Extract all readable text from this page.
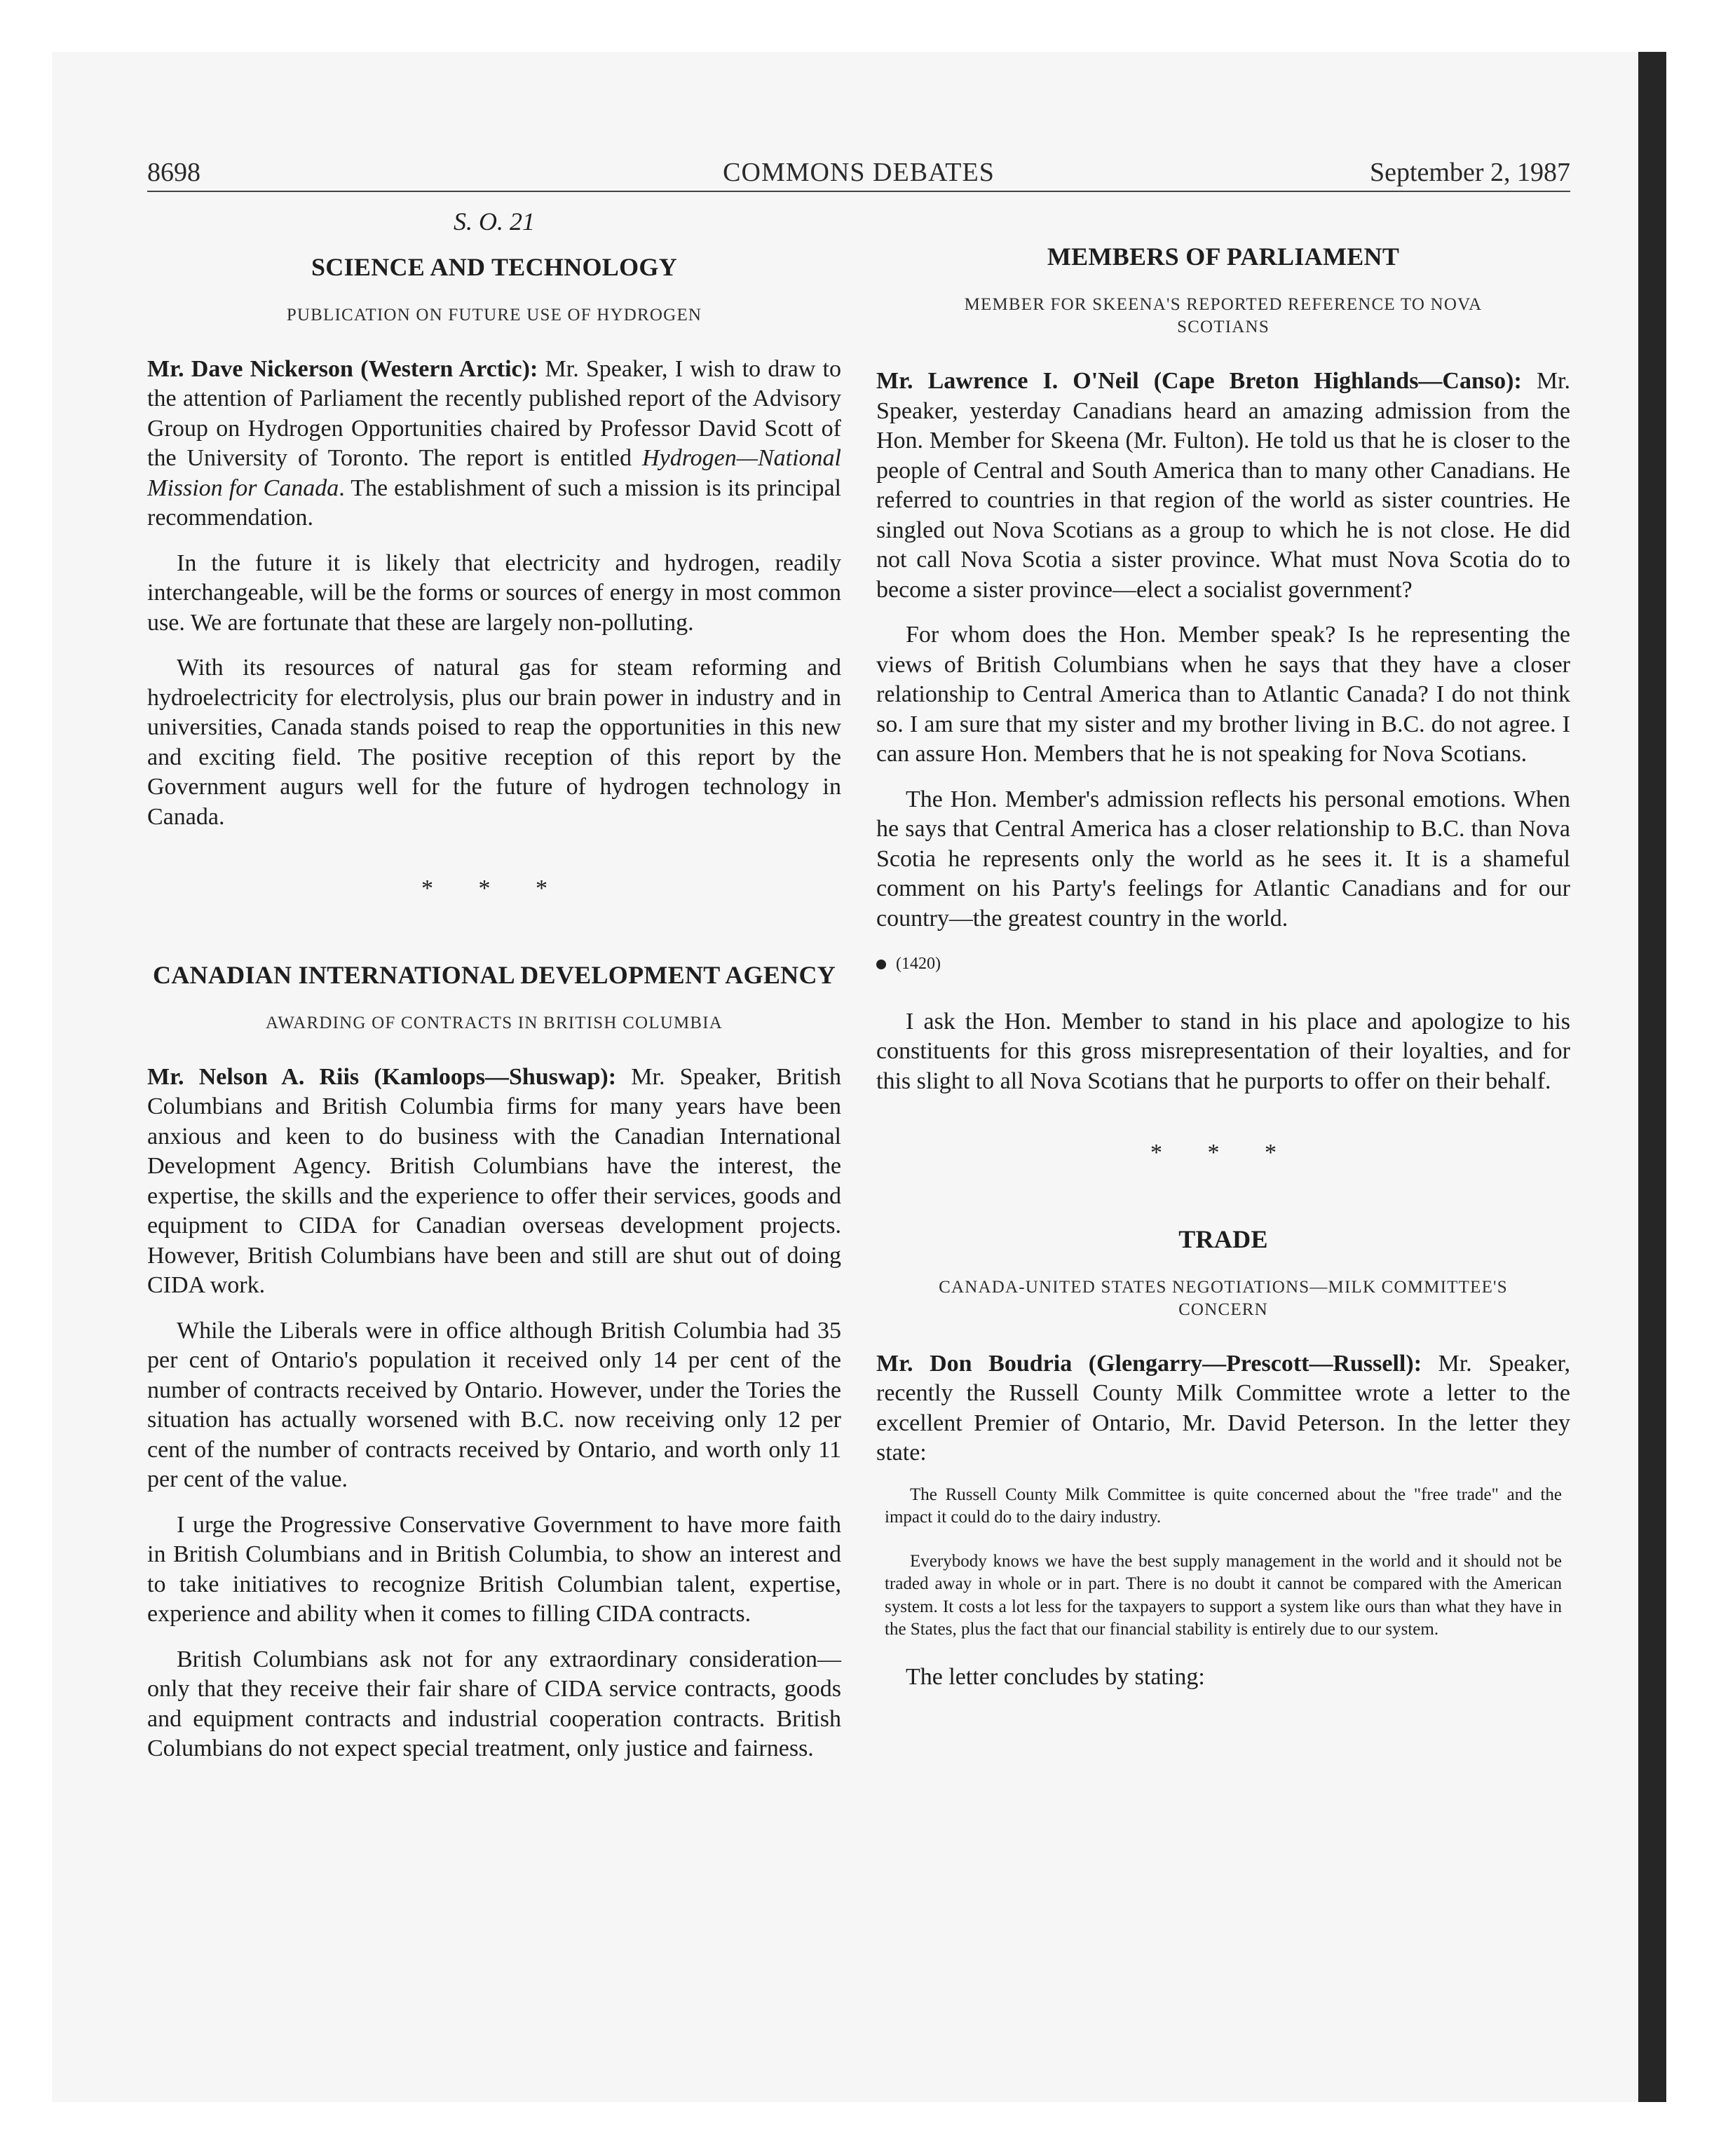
8698	COMMONS DEBATES	September 2, 1987
S. O. 21
SCIENCE AND TECHNOLOGY
PUBLICATION ON FUTURE USE OF HYDROGEN

Mr. Dave Nickerson (Western Arctic): Mr. Speaker, I wish to draw to the attention of Parliament the recently published report of the Advisory Group on Hydrogen Opportunities chaired by Professor David Scott of the University of Toronto. The report is entitled Hydrogen—National Mission for Canada. The establishment of such a mission is its principal recommendation.

In the future it is likely that electricity and hydrogen, readily interchangeable, will be the forms or sources of energy in most common use. We are fortunate that these are largely non-polluting.

With its resources of natural gas for steam reforming and hydroelectricity for electrolysis, plus our brain power in industry and in universities, Canada stands poised to reap the opportunities in this new and exciting field. The positive reception of this report by the Government augurs well for the future of hydrogen technology in Canada.

* * *
CANADIAN INTERNATIONAL DEVELOPMENT AGENCY
AWARDING OF CONTRACTS IN BRITISH COLUMBIA

Mr. Nelson A. Riis (Kamloops—Shuswap): Mr. Speaker, British Columbians and British Columbia firms for many years have been anxious and keen to do business with the Canadian International Development Agency. British Columbians have the interest, the expertise, the skills and the experience to offer their services, goods and equipment to CIDA for Canadian overseas development projects. However, British Columbians have been and still are shut out of doing CIDA work.

While the Liberals were in office although British Columbia had 35 per cent of Ontario's population it received only 14 per cent of the number of contracts received by Ontario. However, under the Tories the situation has actually worsened with B.C. now receiving only 12 per cent of the number of contracts received by Ontario, and worth only 11 per cent of the value.

I urge the Progressive Conservative Government to have more faith in British Columbians and in British Columbia, to show an interest and to take initiatives to recognize British Columbian talent, expertise, experience and ability when it comes to filling CIDA contracts.

British Columbians ask not for any extraordinary consideration—only that they receive their fair share of CIDA service contracts, goods and equipment contracts and industrial cooperation contracts. British Columbians do not expect special treatment, only justice and fairness.

MEMBERS OF PARLIAMENT
MEMBER FOR SKEENA'S REPORTED REFERENCE TO NOVA SCOTIANS

Mr. Lawrence I. O'Neil (Cape Breton Highlands—Canso): Mr. Speaker, yesterday Canadians heard an amazing admission from the Hon. Member for Skeena (Mr. Fulton). He told us that he is closer to the people of Central and South America than to many other Canadians. He referred to countries in that region of the world as sister countries. He singled out Nova Scotians as a group to which he is not close. He did not call Nova Scotia a sister province. What must Nova Scotia do to become a sister province—elect a socialist government?

For whom does the Hon. Member speak? Is he representing the views of British Columbians when he says that they have a closer relationship to Central America than to Atlantic Canada? I do not think so. I am sure that my sister and my brother living in B.C. do not agree. I can assure Hon. Members that he is not speaking for Nova Scotians.

The Hon. Member's admission reflects his personal emotions. When he says that Central America has a closer relationship to B.C. than Nova Scotia he represents only the world as he sees it. It is a shameful comment on his Party's feelings for Atlantic Canadians and for our country—the greatest country in the world.

(1420)

I ask the Hon. Member to stand in his place and apologize to his constituents for this gross misrepresentation of their loyalties, and for this slight to all Nova Scotians that he purports to offer on their behalf.

* * *
TRADE
CANADA-UNITED STATES NEGOTIATIONS—MILK COMMITTEE'S CONCERN

Mr. Don Boudria (Glengarry—Prescott—Russell): Mr. Speaker, recently the Russell County Milk Committee wrote a letter to the excellent Premier of Ontario, Mr. David Peterson. In the letter they state:

The Russell County Milk Committee is quite concerned about the "free trade" and the impact it could do to the dairy industry.
Everybody knows we have the best supply management in the world and it should not be traded away in whole or in part. There is no doubt it cannot be compared with the American system. It costs a lot less for the taxpayers to support a system like ours than what they have in the States, plus the fact that our financial stability is entirely due to our system.

The letter concludes by stating:
